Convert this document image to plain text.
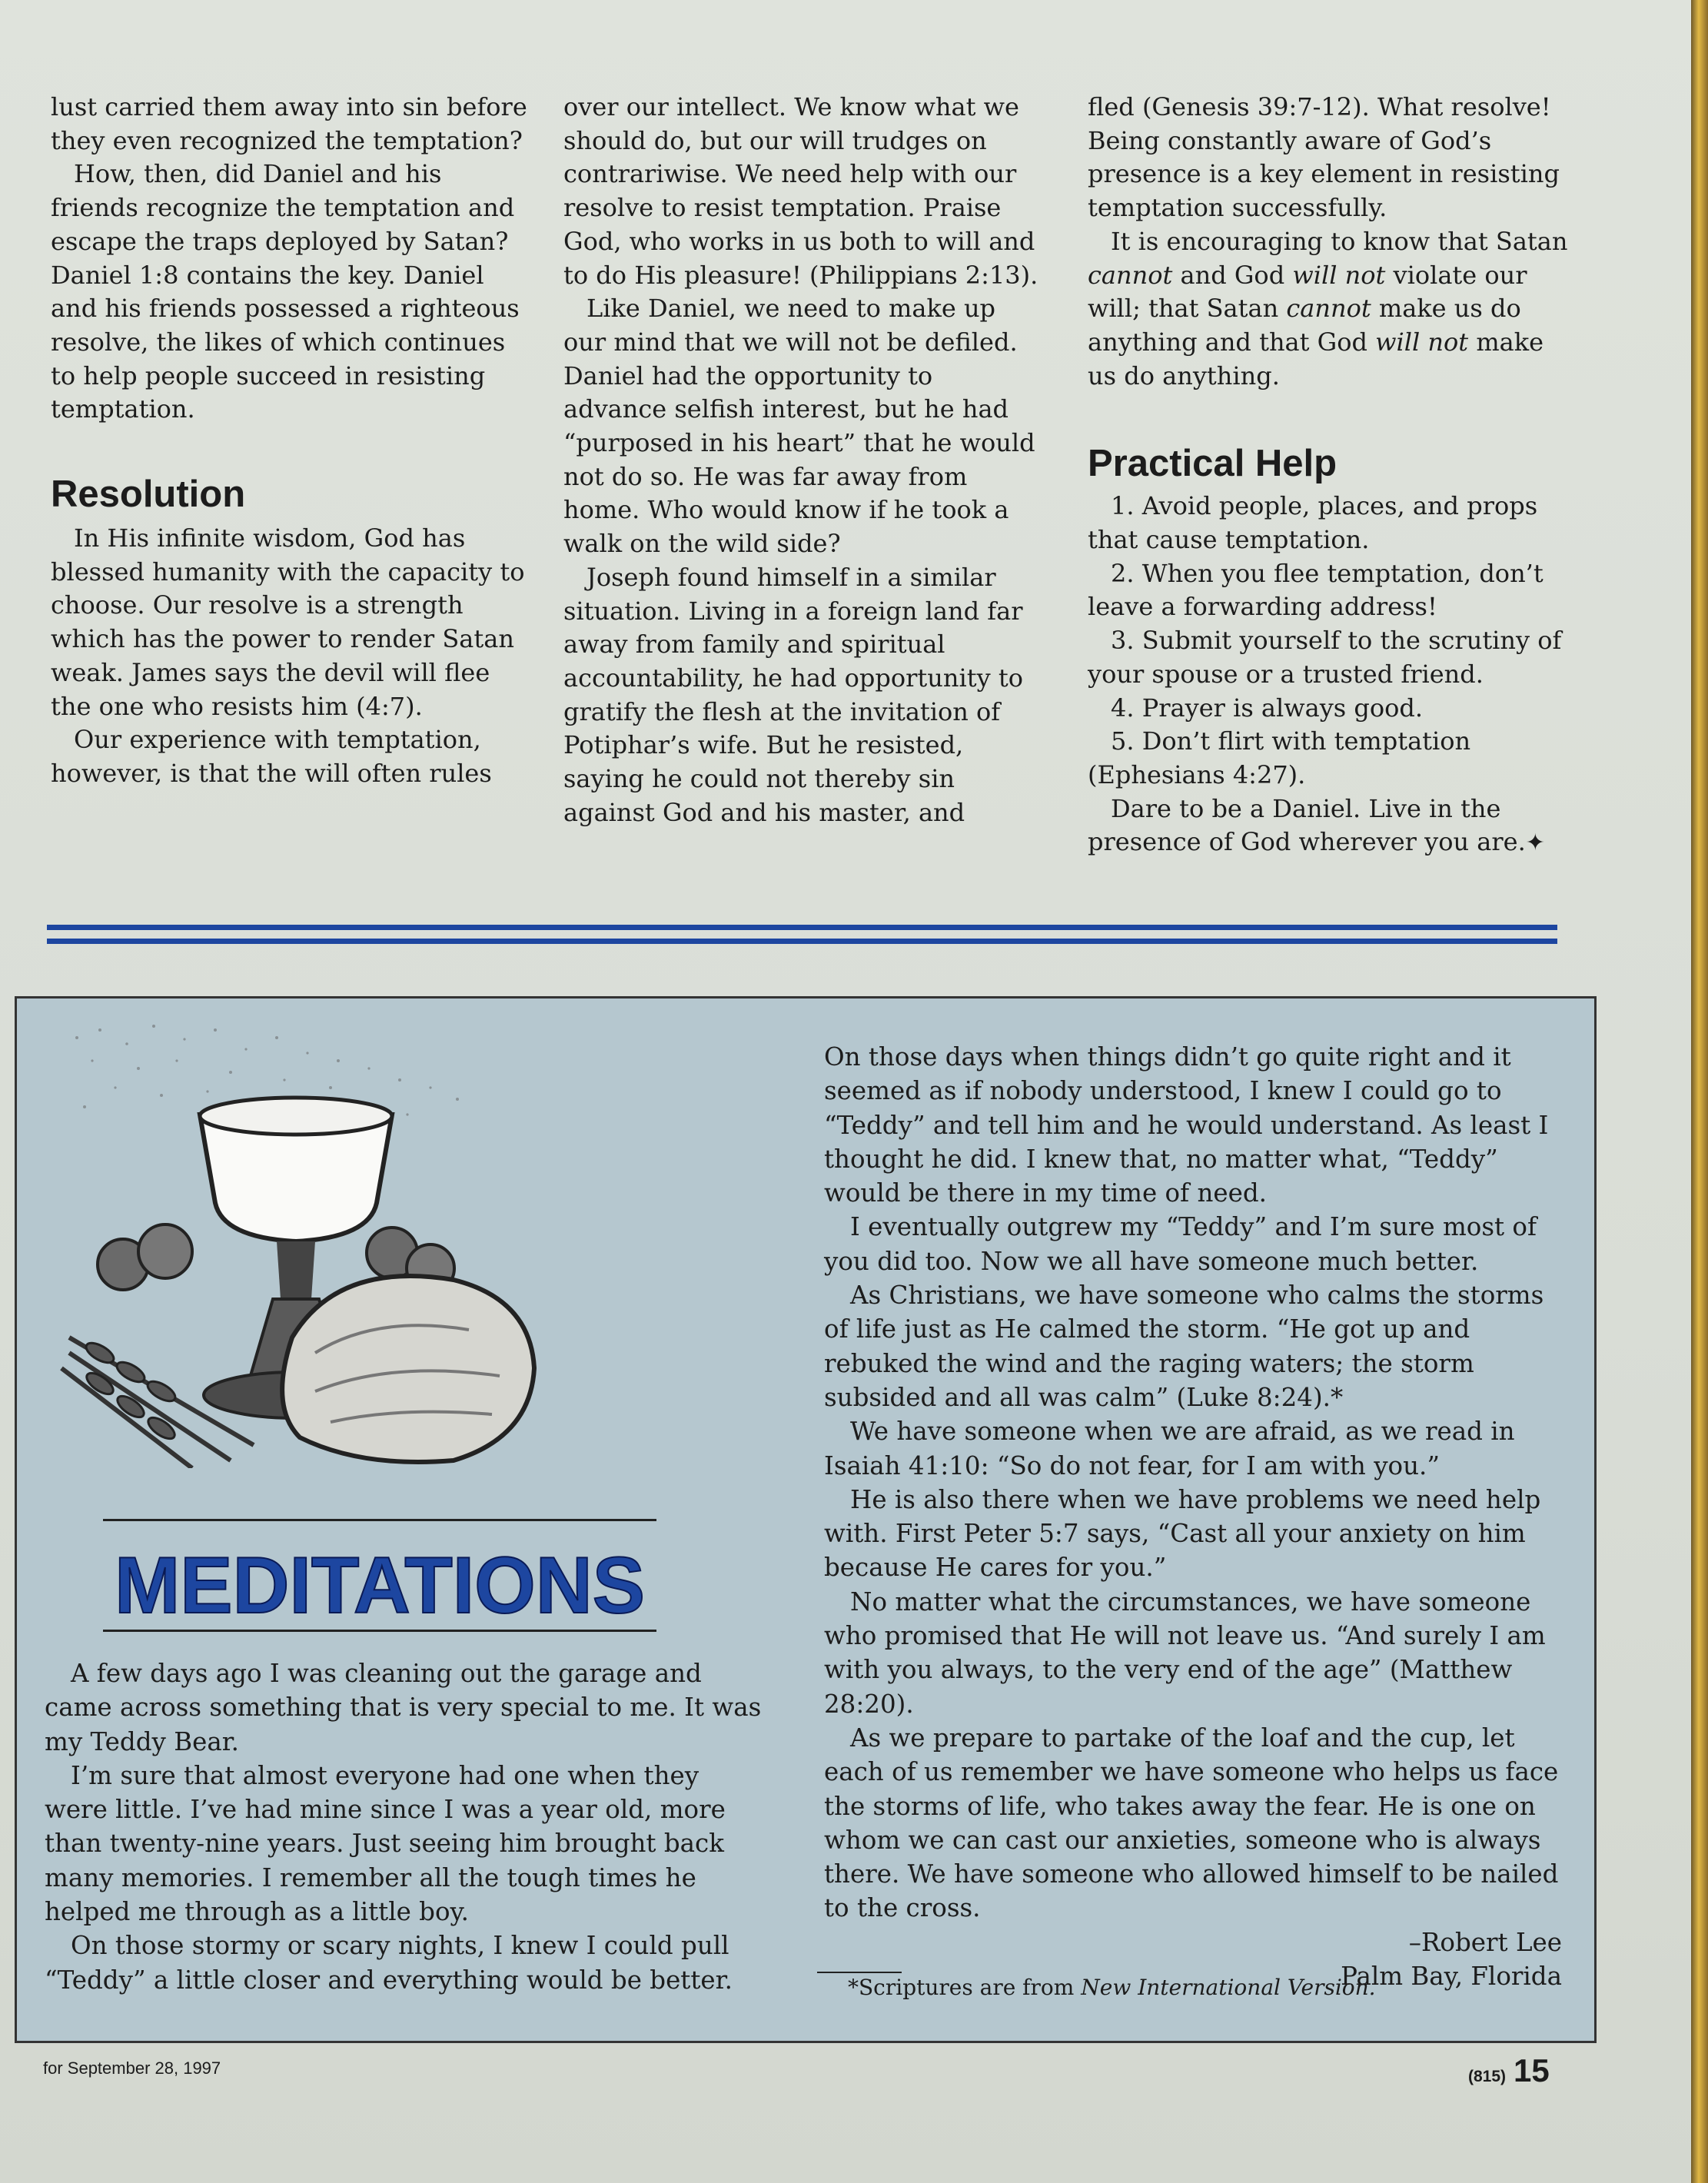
lust carried them away into sin before they even recognized the temptation?

How, then, did Daniel and his friends recognize the temptation and escape the traps deployed by Satan? Daniel 1:8 contains the key. Daniel and his friends possessed a righteous resolve, the likes of which continues to help people succeed in resisting temptation.

Resolution

In His infinite wisdom, God has blessed humanity with the capacity to choose. Our resolve is a strength which has the power to render Satan weak. James says the devil will flee the one who resists him (4:7).

Our experience with temptation, however, is that the will often rules

over our intellect. We know what we should do, but our will trudges on contrariwise. We need help with our resolve to resist temptation. Praise God, who works in us both to will and to do His pleasure! (Philippians 2:13).

Like Daniel, we need to make up our mind that we will not be defiled. Daniel had the opportunity to advance selfish interest, but he had “purposed in his heart” that he would not do so. He was far away from home. Who would know if he took a walk on the wild side?

Joseph found himself in a similar situation. Living in a foreign land far away from family and spiritual accountability, he had opportunity to gratify the flesh at the invitation of Potiphar’s wife. But he resisted, saying he could not thereby sin against God and his master, and

fled (Genesis 39:7-12). What resolve! Being constantly aware of God’s presence is a key element in resisting temptation successfully.

It is encouraging to know that Satan cannot and God will not violate our will; that Satan cannot make us do anything and that God will not make us do anything.

Practical Help

1. Avoid people, places, and props that cause temptation.

2. When you flee temptation, don’t leave a forwarding address!

3. Submit yourself to the scrutiny of your spouse or a trusted friend.

4. Prayer is always good.

5. Don’t flirt with temptation (Ephesians 4:27).

Dare to be a Daniel. Live in the presence of God wherever you are.✦

MEDITATIONS

A few days ago I was cleaning out the garage and came across something that is very special to me. It was my Teddy Bear.

I’m sure that almost everyone had one when they were little. I’ve had mine since I was a year old, more than twenty-nine years. Just seeing him brought back many memories. I remember all the tough times he helped me through as a little boy.

On those stormy or scary nights, I knew I could pull “Teddy” a little closer and everything would be better.

On those days when things didn’t go quite right and it seemed as if nobody understood, I knew I could go to “Teddy” and tell him and he would understand. As least I thought he did. I knew that, no matter what, “Teddy” would be there in my time of need.

I eventually outgrew my “Teddy” and I’m sure most of you did too. Now we all have someone much better.

As Christians, we have someone who calms the storms of life just as He calmed the storm. “He got up and rebuked the wind and the raging waters; the storm subsided and all was calm” (Luke 8:24).*

We have someone when we are afraid, as we read in Isaiah 41:10: “So do not fear, for I am with you.”

He is also there when we have problems we need help with. First Peter 5:7 says, “Cast all your anxiety on him because He cares for you.”

No matter what the circumstances, we have someone who promised that He will not leave us. “And surely I am with you always, to the very end of the age” (Matthew 28:20).

As we prepare to partake of the loaf and the cup, let each of us remember we have someone who helps us face the storms of life, who takes away the fear. He is one on whom we can cast our anxieties, someone who is always there. We have someone who allowed himself to be nailed to the cross.

–Robert Lee

Palm Bay, Florida

*Scriptures are from New International Version.
for September 28, 1997	(815) 15
